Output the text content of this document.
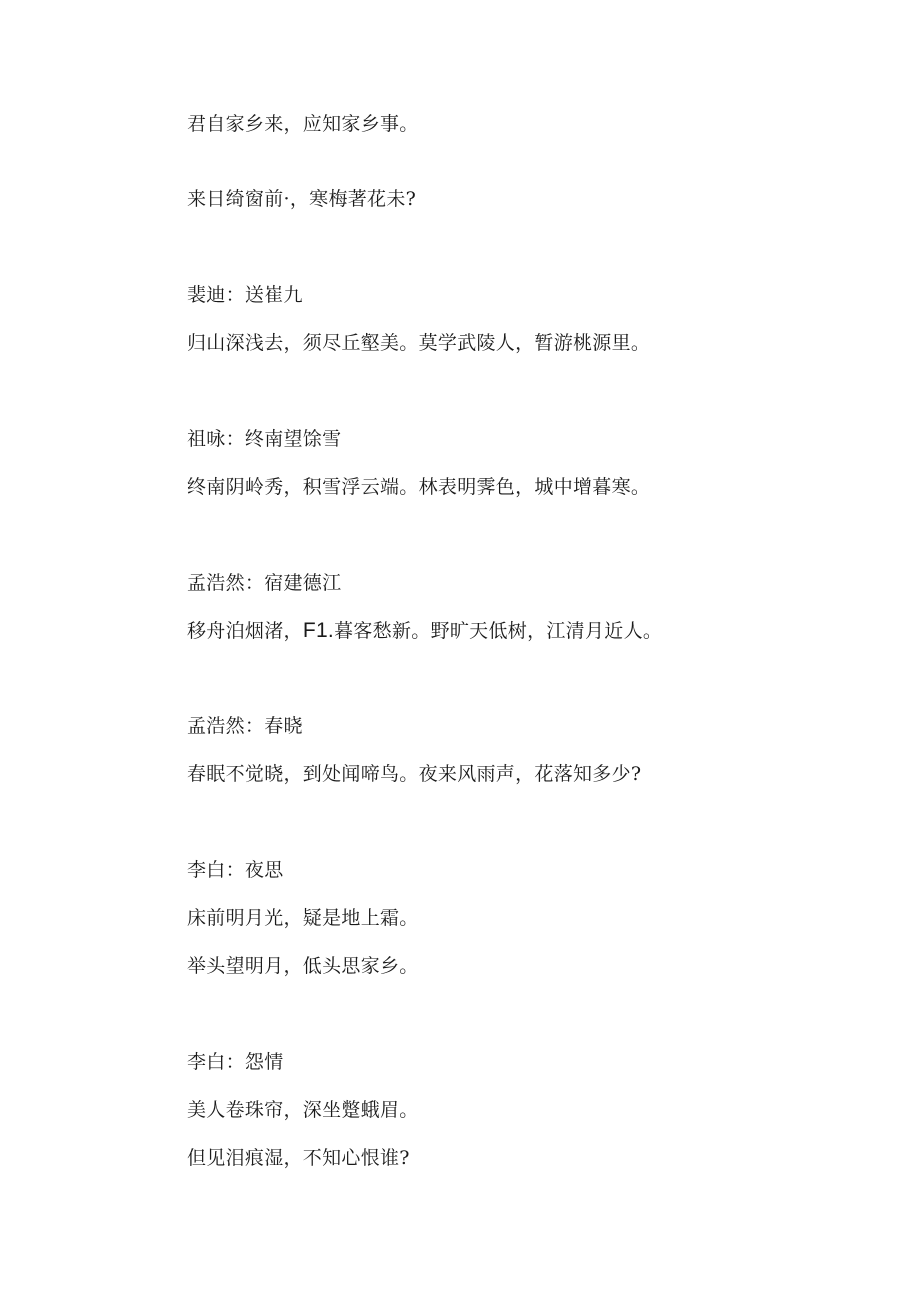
君自家乡来，应知家乡事。

来日绮窗前·，寒梅著花未?

裴迪：送崔九

归山深浅去，须尽丘壑美。莫学武陵人，暂游桃源里。

祖咏：终南望馀雪

终南阴岭秀，积雪浮云端。林表明霁色，城中增暮寒。

孟浩然：宿建德江

移舟泊烟渚，F1.暮客愁新。野旷天低树，江清月近人。

孟浩然：春晓

春眠不觉晓，到处闻啼鸟。夜来风雨声，花落知多少?

李白：夜思

床前明月光，疑是地上霜。

举头望明月，低头思家乡。

李白：怨情

美人卷珠帘，深坐蹩蛾眉。

但见泪痕湿，不知心恨谁?
